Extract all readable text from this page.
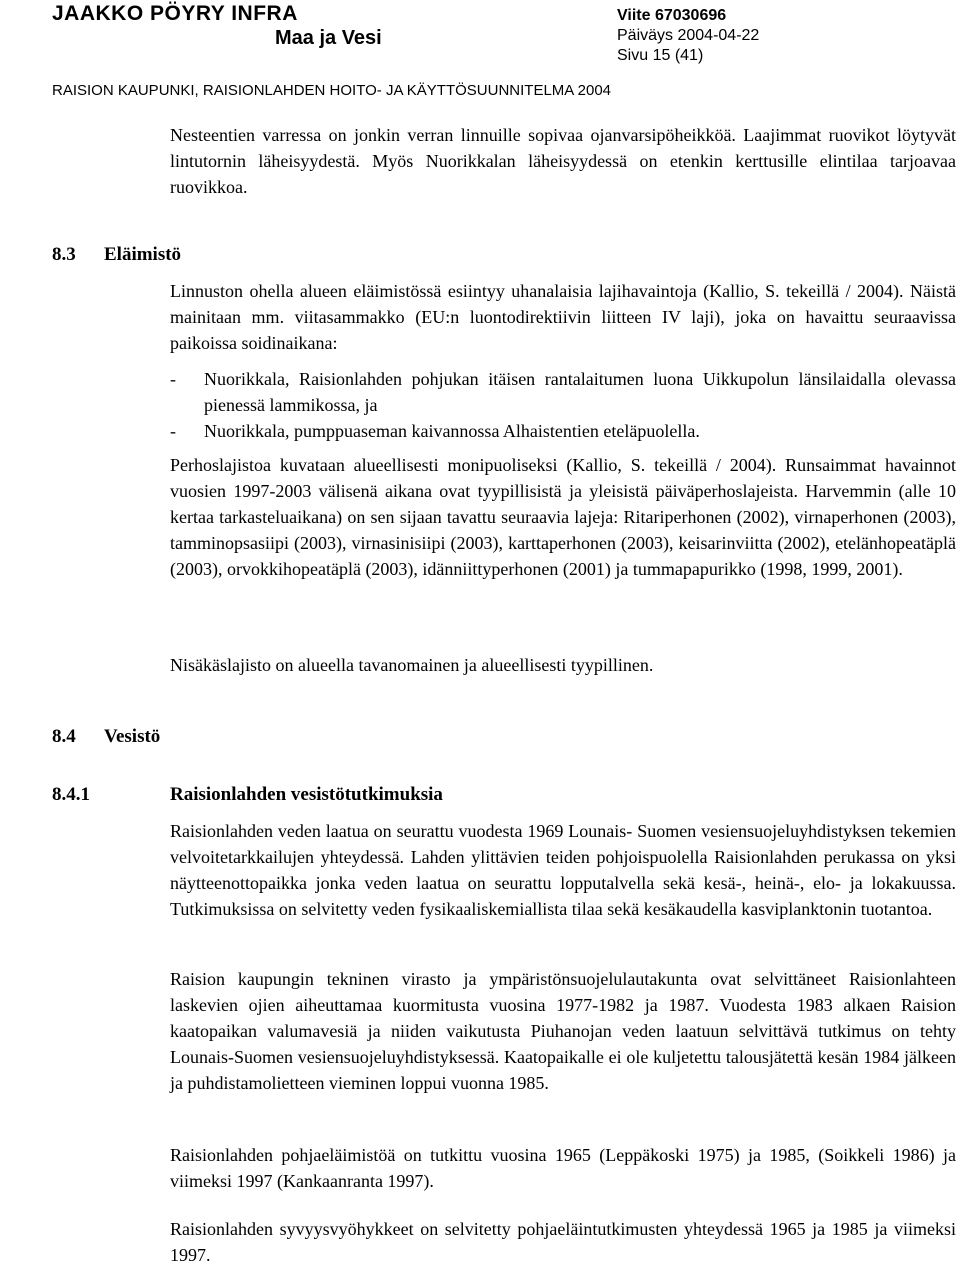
JAAKKO PÖYRY INFRA
Maa ja Vesi
Viite 67030696
Päiväys 2004-04-22
Sivu 15 (41)
RAISION KAUPUNKI, RAISIONLAHDEN HOITO- JA KÄYTTÖSUUNNITELMA 2004

Nesteentien varressa on jonkin verran linnuille sopivaa ojanvarsipöheikköä. Laajimmat ruovikot löytyvät lintutornin läheisyydestä. Myös Nuorikkalan läheisyydessä on etenkin kerttusille elintilaa tarjoavaa ruovikkoa.

8.3 Eläimistö

Linnuston ohella alueen eläimistössä esiintyy uhanalaisia lajihavaintoja (Kallio, S. tekeillä / 2004). Näistä mainitaan mm. viitasammakko (EU:n luontodirektiivin liitteen IV laji), joka on havaittu seuraavissa paikoissa soidinaikana:

- Nuorikkala, Raisionlahden pohjukan itäisen rantalaitumen luona Uikkupolun länsilaidalla olevassa pienessä lammikossa, ja
- Nuorikkala, pumppuaseman kaivannossa Alhaistentien eteläpuolella.

Perhoslajistoa kuvataan alueellisesti monipuoliseksi (Kallio, S. tekeillä / 2004). Runsaimmat havainnot vuosien 1997-2003 välisenä aikana ovat tyypillisistä ja yleisistä päiväperhoslajeista. Harvemmin (alle 10 kertaa tarkasteluaikana) on sen sijaan tavattu seuraavia lajeja: Ritariperhonen (2002), virnaperhonen (2003), tamminopsasiipi (2003), virnasinisiipi (2003), karttaperhonen (2003), keisarinviitta (2002), etelänhopeatäplä (2003), orvokkihopeatäplä (2003), idänniittyperhonen (2001) ja tummapapurikko (1998, 1999, 2001).

Nisäkäslajisto on alueella tavanomainen ja alueellisesti tyypillinen.

8.4 Vesistö
8.4.1	Raisionlahden vesistötutkimuksia

Raisionlahden veden laatua on seurattu vuodesta 1969 Lounais- Suomen vesiensuojeluyhdistyksen tekemien velvoitetarkkailujen yhteydessä. Lahden ylittävien teiden pohjoispuolella Raisionlahden perukassa on yksi näytteenottopaikka jonka veden laatua on seurattu lopputalvella sekä kesä-, heinä-, elo- ja lokakuussa. Tutkimuksissa on selvitetty veden fysikaaliskemiallista tilaa sekä kesäkaudella kasviplanktonin tuotantoa.

Raision kaupungin tekninen virasto ja ympäristönsuojelulautakunta ovat selvittäneet Raisionlahteen laskevien ojien aiheuttamaa kuormitusta vuosina 1977-1982 ja 1987. Vuodesta 1983 alkaen Raision kaatopaikan valumavesiä ja niiden vaikutusta Piuhanojan veden laatuun selvittävä tutkimus on tehty Lounais-Suomen vesiensuojeluyhdistyksessä. Kaatopaikalle ei ole kuljetettu talousjätettä kesän 1984 jälkeen ja puhdistamolietteen vieminen loppui vuonna 1985.

Raisionlahden pohjaeläimistöä on tutkittu vuosina 1965 (Leppäkoski 1975) ja 1985, (Soikkeli 1986) ja viimeksi 1997 (Kankaanranta 1997).

Raisionlahden syvyysvyöhykkeet on selvitetty pohjaeläintutkimusten yhteydessä 1965 ja 1985 ja viimeksi 1997.
